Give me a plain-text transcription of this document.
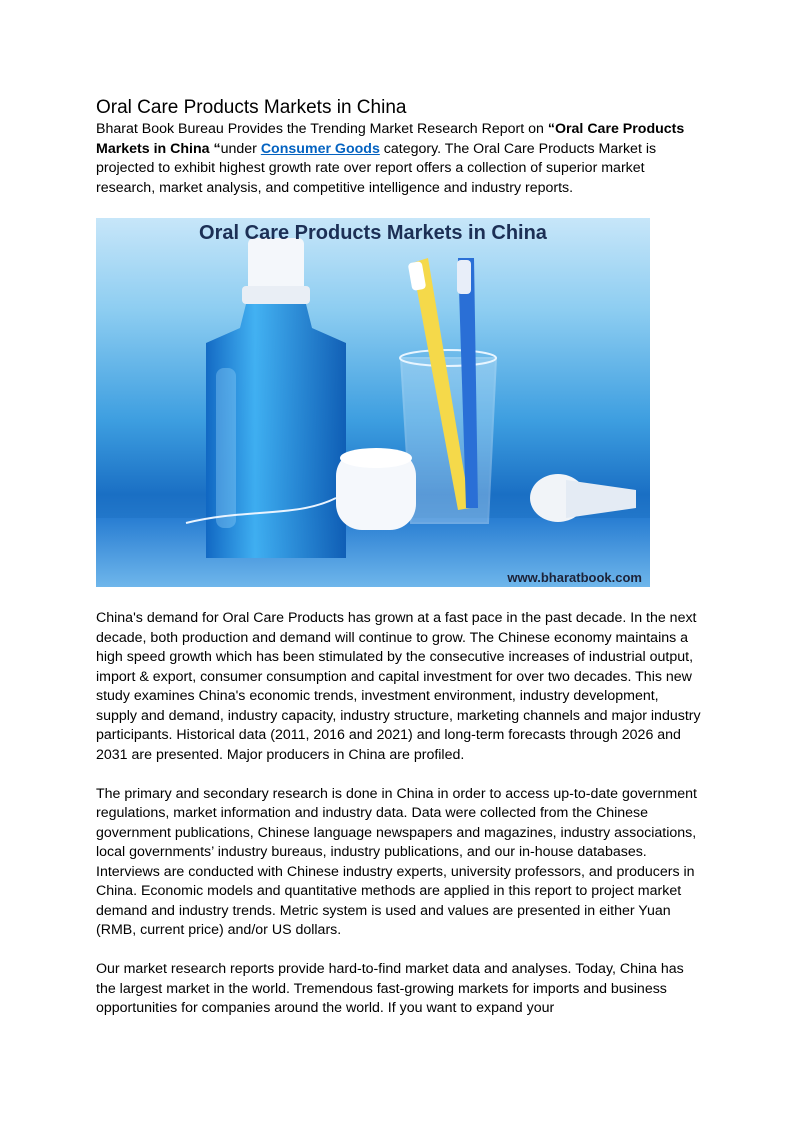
Oral Care Products Markets in China

Bharat Book Bureau Provides the Trending Market Research Report on “Oral Care Products Markets in China “under Consumer Goods category. The Oral Care Products Market is projected to exhibit highest growth rate over report offers a collection of superior market research, market analysis, and competitive intelligence and industry reports.

Oral Care Products Markets in China
www.bharatbook.com

China's demand for Oral Care Products has grown at a fast pace in the past decade. In the next decade, both production and demand will continue to grow. The Chinese economy maintains a high speed growth which has been stimulated by the consecutive increases of industrial output, import & export, consumer consumption and capital investment for over two decades. This new study examines China's economic trends, investment environment, industry development, supply and demand, industry capacity, industry structure, marketing channels and major industry participants. Historical data (2011, 2016 and 2021) and long-term forecasts through 2026 and 2031 are presented. Major producers in China are profiled.

The primary and secondary research is done in China in order to access up-to-date government regulations, market information and industry data. Data were collected from the Chinese government publications, Chinese language newspapers and magazines, industry associations, local governments’ industry bureaus, industry publications, and our in-house databases. Interviews are conducted with Chinese industry experts, university professors, and producers in China. Economic models and quantitative methods are applied in this report to project market demand and industry trends. Metric system is used and values are presented in either Yuan (RMB, current price) and/or US dollars.

Our market research reports provide hard-to-find market data and analyses. Today, China has the largest market in the world. Tremendous fast-growing markets for imports and business opportunities for companies around the world. If you want to expand your
